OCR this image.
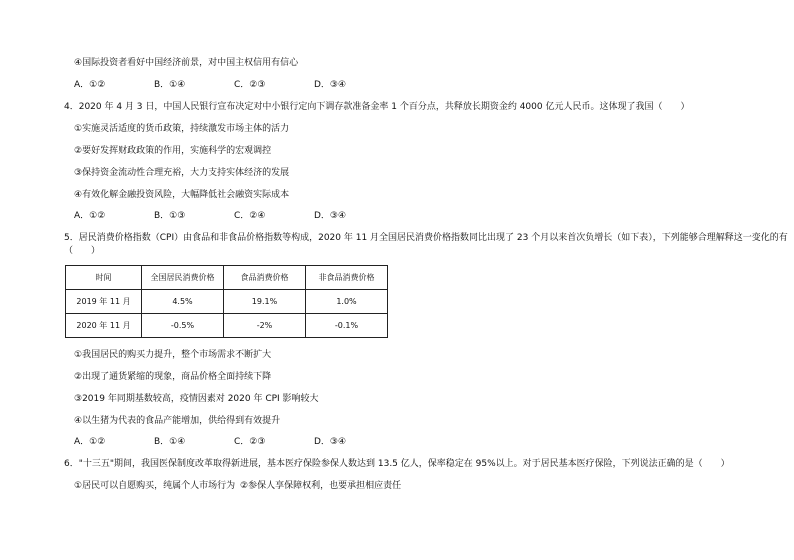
④国际投资者看好中国经济前景，对中国主权信用有信心
A．①②	B．①④	C．②③	D．③④
4．2020 年 4 月 3 日，中国人民银行宣布决定对中小银行定向下调存款准备金率 1 个百分点，共释放长期资金约 4000 亿元人民币。这体现了我国（　　）
①实施灵活适度的货币政策，持续激发市场主体的活力
②要好发挥财政政策的作用，实施科学的宏观调控
③保持资金流动性合理充裕，大力支持实体经济的发展
④有效化解金融投资风险，大幅降低社会融资实际成本
A．①②	B．①③	C．②④	D．③④
5．居民消费价格指数（CPI）由食品和非食品价格指数等构成，2020 年 11 月全国居民消费价格指数同比出现了 23 个月以来首次负增长（如下表），下列能够合理解释这一变化的有
（　　）
时间	全国居民消费价格	食品消费价格	非食品消费价格
2019 年 11 月	4.5%	19.1%	1.0%
2020 年 11 月	-0.5%	-2%	-0.1%
①我国居民的购买力提升，整个市场需求不断扩大
②出现了通货紧缩的现象，商品价格全面持续下降
③2019 年同期基数较高，疫情因素对 2020 年 CPI 影响较大
④以生猪为代表的食品产能增加，供给得到有效提升
A．①②	B．①④	C．②③	D．③④
6．"十三五"期间，我国医保制度改革取得新进展，基本医疗保险参保人数达到 13.5 亿人，保率稳定在 95%以上。对于居民基本医疗保险，下列说法正确的是（　　）
①居民可以自愿购买，纯属个人市场行为 ②参保人享保障权利，也要承担相应责任
